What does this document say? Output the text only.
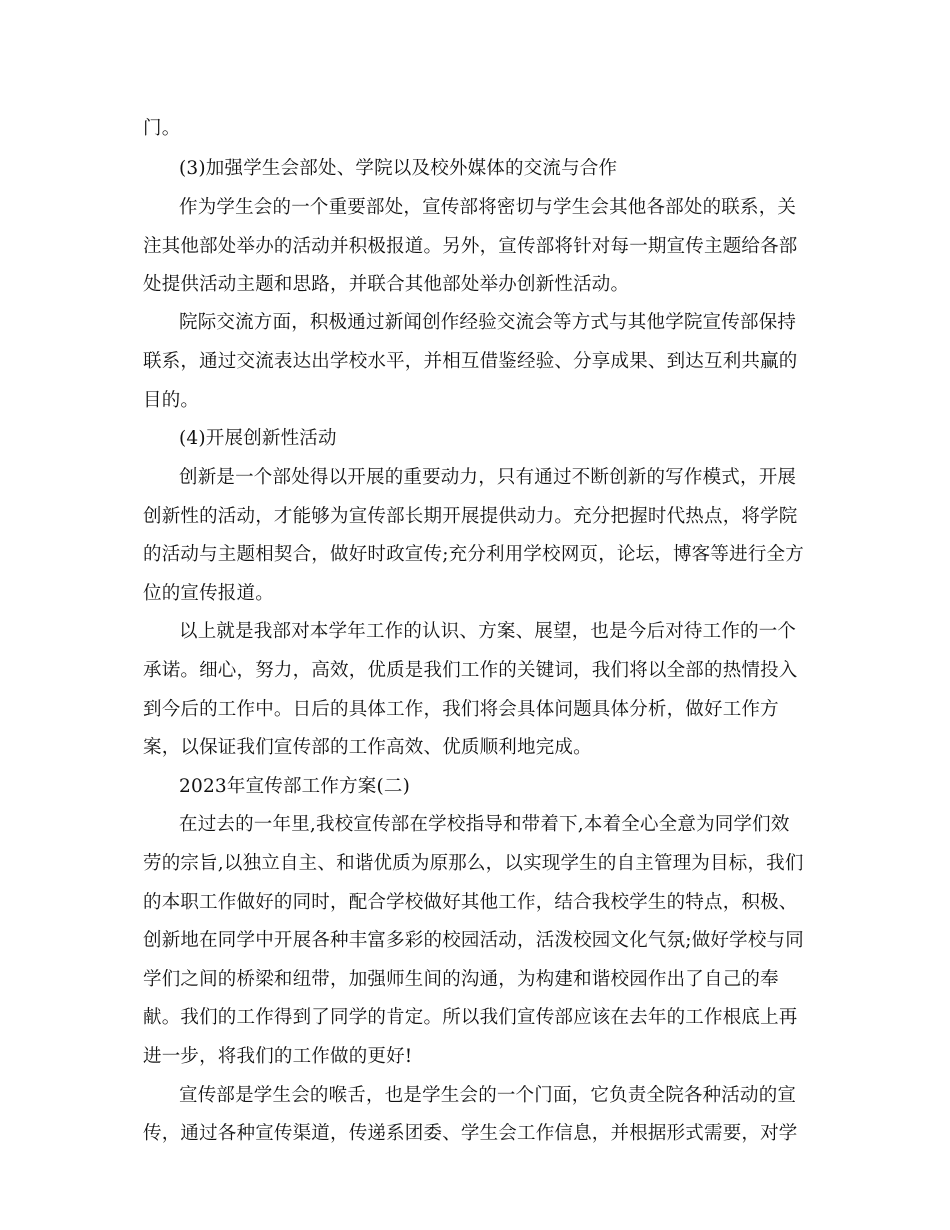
门。
(3)加强学生会部处、学院以及校外媒体的交流与合作
作为学生会的一个重要部处，宣传部将密切与学生会其他各部处的联系，关
注其他部处举办的活动并积极报道。另外，宣传部将针对每一期宣传主题给各部
处提供活动主题和思路，并联合其他部处举办创新性活动。
院际交流方面，积极通过新闻创作经验交流会等方式与其他学院宣传部保持
联系，通过交流表达出学校水平，并相互借鉴经验、分享成果、到达互利共赢的
目的。
(4)开展创新性活动
创新是一个部处得以开展的重要动力，只有通过不断创新的写作模式，开展
创新性的活动，才能够为宣传部长期开展提供动力。充分把握时代热点，将学院
的活动与主题相契合，做好时政宣传;充分利用学校网页，论坛，博客等进行全方
位的宣传报道。
以上就是我部对本学年工作的认识、方案、展望，也是今后对待工作的一个
承诺。细心，努力，高效，优质是我们工作的关键词，我们将以全部的热情投入
到今后的工作中。日后的具体工作，我们将会具体问题具体分析，做好工作方
案，以保证我们宣传部的工作高效、优质顺利地完成。
2023年宣传部工作方案(二)
在过去的一年里,我校宣传部在学校指导和带着下,本着全心全意为同学们效
劳的宗旨,以独立自主、和谐优质为原那么，以实现学生的自主管理为目标，我们
的本职工作做好的同时，配合学校做好其他工作，结合我校学生的特点，积极、
创新地在同学中开展各种丰富多彩的校园活动，活泼校园文化气氛;做好学校与同
学们之间的桥梁和纽带，加强师生间的沟通，为构建和谐校园作出了自己的奉
献。我们的工作得到了同学的肯定。所以我们宣传部应该在去年的工作根底上再
进一步，将我们的工作做的更好!
宣传部是学生会的喉舌，也是学生会的一个门面，它负责全院各种活动的宣
传，通过各种宣传渠道，传递系团委、学生会工作信息，并根据形式需要，对学
